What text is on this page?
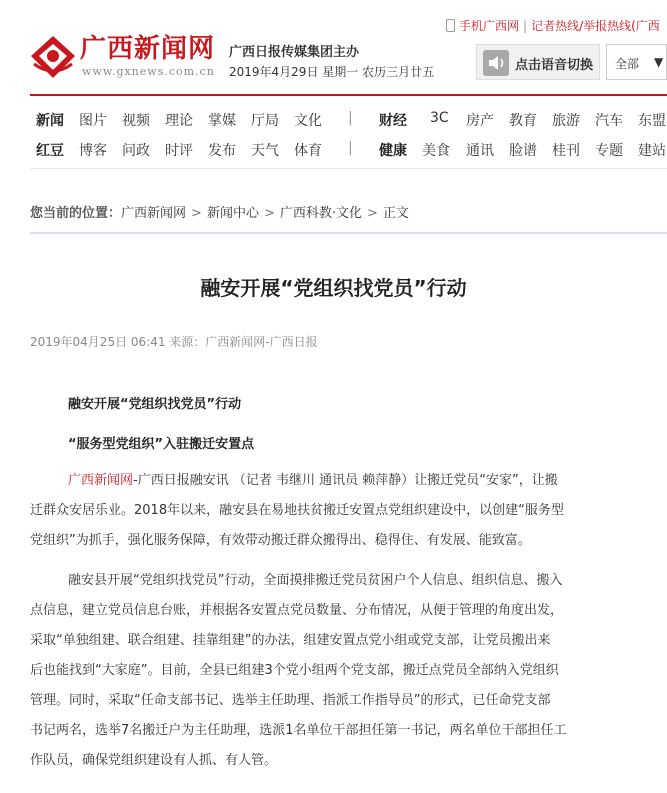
广西新闻网
www.gxnews.com.cn
广西日报传媒集团主办
2019年4月29日 星期一 农历三月廿五
手机广西网 | 记者热线/举报热线(广西
点击语音切换 全部 ▼
新闻 图片 视频 理论 掌媒 厅局 文化 | 财经 3C 房产 教育 旅游 汽车 东盟
红豆 博客 问政 时评 发布 天气 体育 | 健康 美食 通讯 脸谱 桂刊 专题 建站
您当前的位置：广西新闻网 > 新闻中心 > 广西科教·文化 > 正文
融安开展“党组织找党员”行动
2019年04月25日 06:41 来源：广西新闻网-广西日报
融安开展“党组织找党员”行动
“服务型党组织”入驻搬迁安置点
广西新闻网-广西日报融安讯 （记者 韦继川 通讯员 赖萍静）让搬迁党员“安家”，让搬
迁群众安居乐业。2018年以来，融安县在易地扶贫搬迁安置点党组织建设中，以创建“服务型
党组织”为抓手，强化服务保障，有效带动搬迁群众搬得出、稳得住、有发展、能致富。
融安县开展“党组织找党员”行动，全面摸排搬迁党员贫困户个人信息、组织信息、搬入
点信息，建立党员信息台账，并根据各安置点党员数量、分布情况，从便于管理的角度出发，
采取“单独组建、联合组建、挂靠组建”的办法，组建安置点党小组或党支部，让党员搬出来
后也能找到“大家庭”。目前，全县已组建3个党小组两个党支部，搬迁点党员全部纳入党组织
管理。同时，采取“任命支部书记、选举主任助理、指派工作指导员”的形式，已任命党支部
书记两名，选举7名搬迁户为主任助理，选派1名单位干部担任第一书记，两名单位干部担任工
作队员，确保党组织建设有人抓、有人管。
